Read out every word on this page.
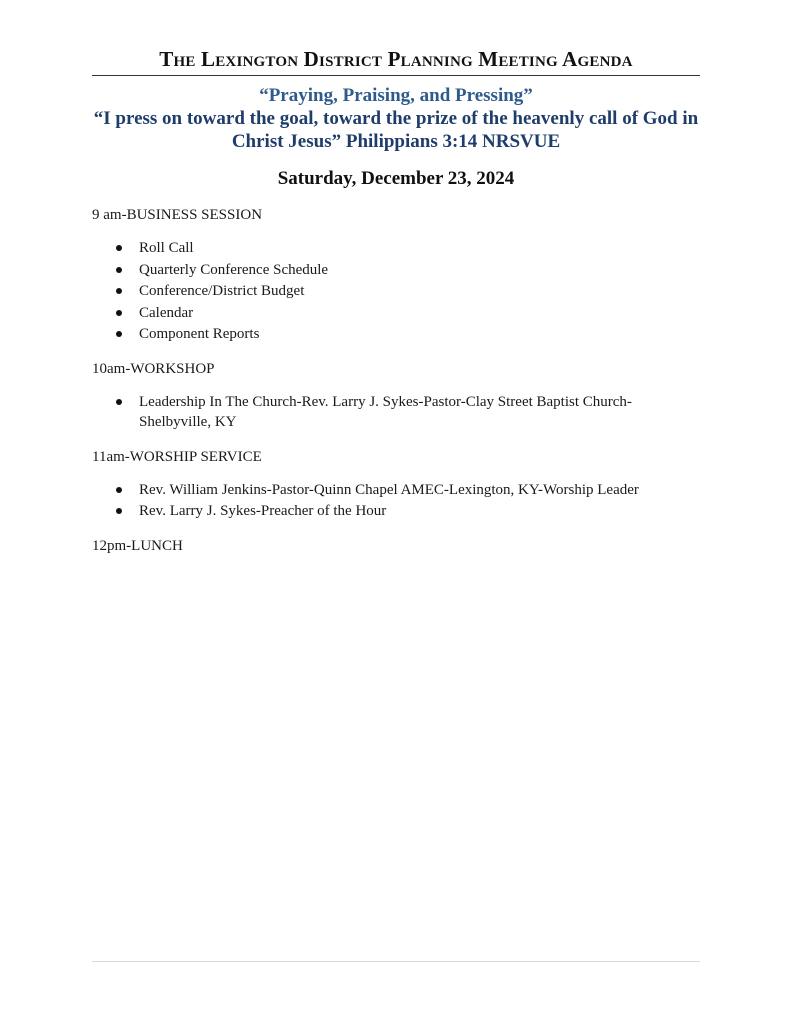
The Lexington District Planning Meeting Agenda

“Praying, Praising, and Pressing”

“I press on toward the goal, toward the prize of the heavenly call of God in Christ Jesus” Philippians 3:14 NRSVUE

Saturday, December 23, 2024

9 am-BUSINESS SESSION

Roll Call
Quarterly Conference Schedule
Conference/District Budget
Calendar
Component Reports

10am-WORKSHOP

Leadership In The Church-Rev. Larry J. Sykes-Pastor-Clay Street Baptist Church-Shelbyville, KY

11am-WORSHIP SERVICE

Rev. William Jenkins-Pastor-Quinn Chapel AMEC-Lexington, KY-Worship Leader
Rev. Larry J. Sykes-Preacher of the Hour

12pm-LUNCH
